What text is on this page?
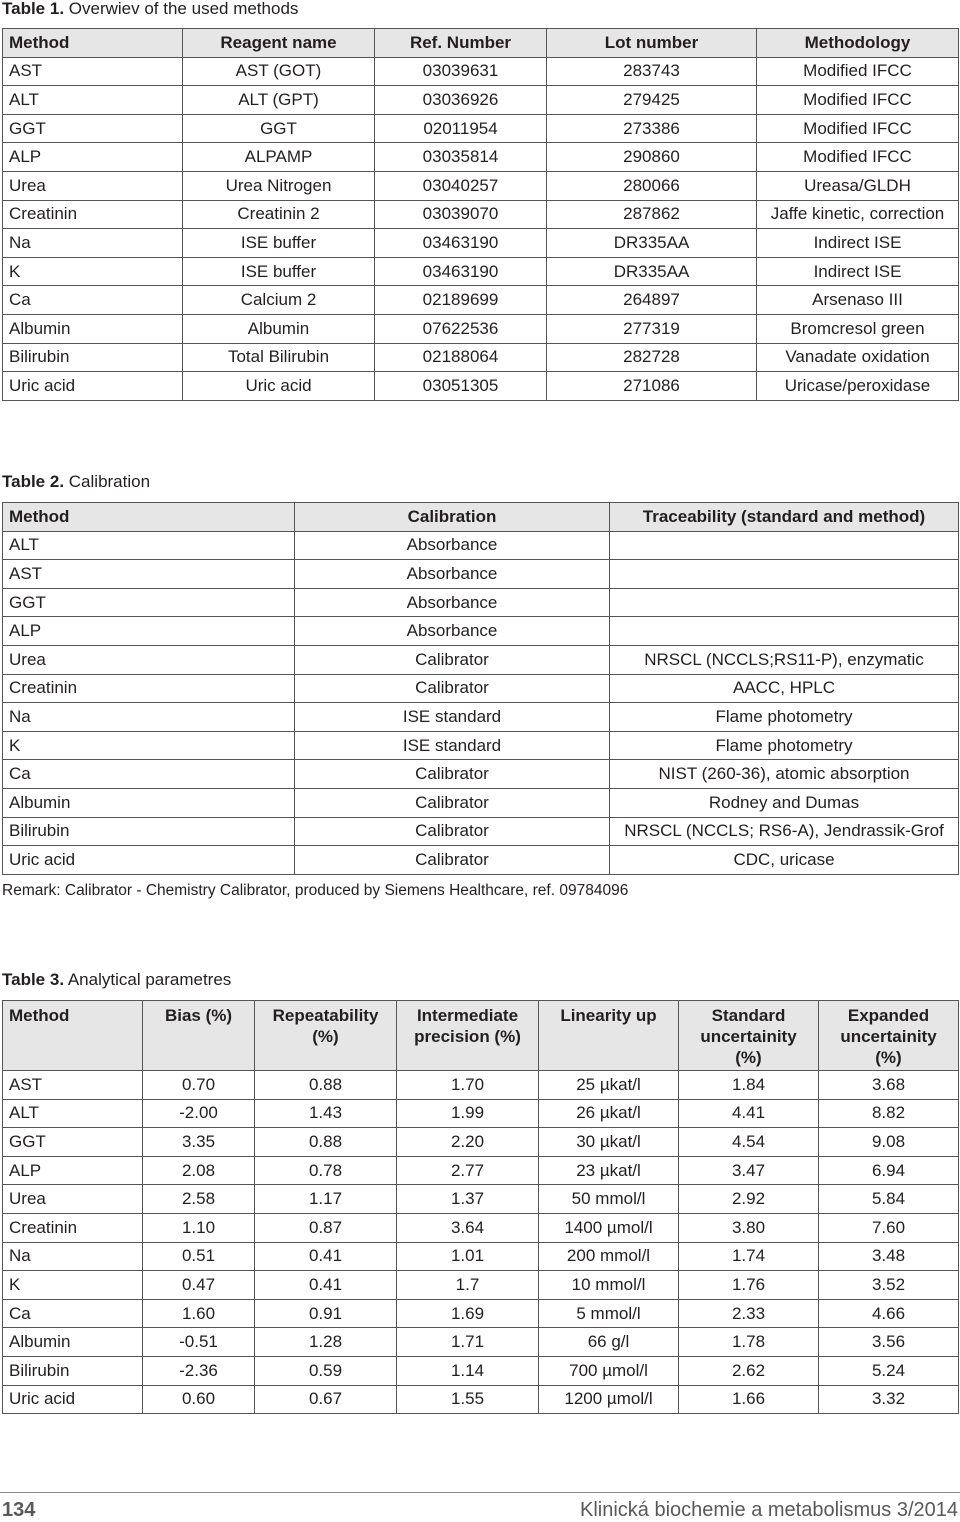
Table 1. Overwiev of the used methods
Method	Reagent name	Ref. Number	Lot number	Methodology
AST	AST (GOT)	03039631	283743	Modified IFCC
ALT	ALT (GPT)	03036926	279425	Modified IFCC
GGT	GGT	02011954	273386	Modified IFCC
ALP	ALPAMP	03035814	290860	Modified IFCC
Urea	Urea Nitrogen	03040257	280066	Ureasa/GLDH
Creatinin	Creatinin 2	03039070	287862	Jaffe kinetic, correction
Na	ISE buffer	03463190	DR335AA	Indirect ISE
K	ISE buffer	03463190	DR335AA	Indirect ISE
Ca	Calcium 2	02189699	264897	Arsenaso III
Albumin	Albumin	07622536	277319	Bromcresol green
Bilirubin	Total Bilirubin	02188064	282728	Vanadate oxidation
Uric acid	Uric acid	03051305	271086	Uricase/peroxidase
Table 2. Calibration
Method	Calibration	Traceability (standard and method)
ALT	Absorbance	
AST	Absorbance	
GGT	Absorbance	
ALP	Absorbance	
Urea	Calibrator	NRSCL (NCCLS;RS11-P), enzymatic
Creatinin	Calibrator	AACC, HPLC
Na	ISE standard	Flame photometry
K	ISE standard	Flame photometry
Ca	Calibrator	NIST (260-36), atomic absorption
Albumin	Calibrator	Rodney and Dumas
Bilirubin	Calibrator	NRSCL (NCCLS; RS6-A), Jendrassik-Grof
Uric acid	Calibrator	CDC, uricase
Remark: Calibrator - Chemistry Calibrator, produced by Siemens Healthcare, ref. 09784096
Table 3. Analytical parametres
Method	Bias (%)	Repeatability (%)	Intermediate precision (%)	Linearity up	Standard uncertainity (%)	Expanded uncertainity (%)
AST	0.70	0.88	1.70	25 µkat/l	1.84	3.68
ALT	-2.00	1.43	1.99	26 µkat/l	4.41	8.82
GGT	3.35	0.88	2.20	30 µkat/l	4.54	9.08
ALP	2.08	0.78	2.77	23 µkat/l	3.47	6.94
Urea	2.58	1.17	1.37	50 mmol/l	2.92	5.84
Creatinin	1.10	0.87	3.64	1400 µmol/l	3.80	7.60
Na	0.51	0.41	1.01	200 mmol/l	1.74	3.48
K	0.47	0.41	1.7	10 mmol/l	1.76	3.52
Ca	1.60	0.91	1.69	5 mmol/l	2.33	4.66
Albumin	-0.51	1.28	1.71	66 g/l	1.78	3.56
Bilirubin	-2.36	0.59	1.14	700 µmol/l	2.62	5.24
Uric acid	0.60	0.67	1.55	1200 µmol/l	1.66	3.32
134	Klinická biochemie a metabolismus 3/2014
